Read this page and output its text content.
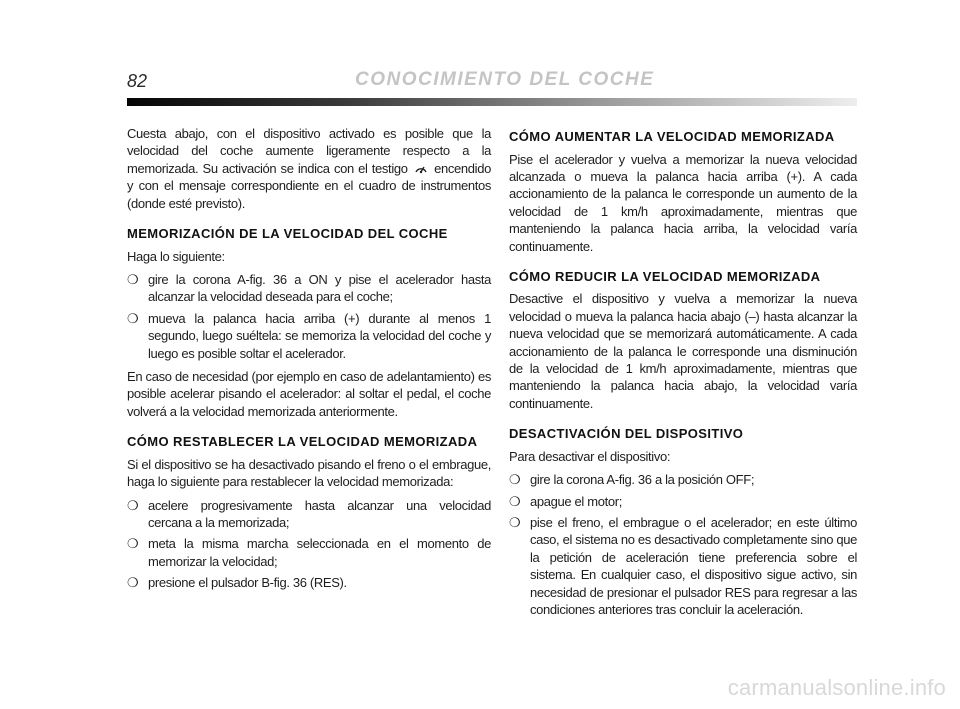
82	CONOCIMIENTO DEL COCHE

Cuesta abajo, con el dispositivo activado es posible que la velocidad del coche aumente ligeramente respecto a la memorizada. Su activación se indica con el testigo encendido y con el mensaje correspondiente en el cuadro de instrumentos (donde esté previsto).

MEMORIZACIÓN DE LA VELOCIDAD DEL COCHE

Haga lo siguiente:

❍ gire la corona A-fig. 36 a ON y pise el acelerador hasta alcanzar la velocidad deseada para el coche;
❍ mueva la palanca hacia arriba (+) durante al menos 1 segundo, luego suéltela: se memoriza la velocidad del coche y luego es posible soltar el acelerador.

En caso de necesidad (por ejemplo en caso de adelantamiento) es posible acelerar pisando el acelerador: al soltar el pedal, el coche volverá a la velocidad memorizada anteriormente.

CÓMO RESTABLECER LA VELOCIDAD MEMORIZADA

Si el dispositivo se ha desactivado pisando el freno o el embrague, haga lo siguiente para restablecer la velocidad memorizada:

❍ acelere progresivamente hasta alcanzar una velocidad cercana a la memorizada;
❍ meta la misma marcha seleccionada en el momento de memorizar la velocidad;
❍ presione el pulsador B-fig. 36 (RES).
CÓMO AUMENTAR LA VELOCIDAD MEMORIZADA

Pise el acelerador y vuelva a memorizar la nueva velocidad alcanzada o mueva la palanca hacia arriba (+). A cada accionamiento de la palanca le corresponde un aumento de la velocidad de 1 km/h aproximadamente, mientras que manteniendo la palanca hacia arriba, la velocidad varía continuamente.

CÓMO REDUCIR LA VELOCIDAD MEMORIZADA

Desactive el dispositivo y vuelva a memorizar la nueva velocidad o mueva la palanca hacia abajo (–) hasta alcanzar la nueva velocidad que se memorizará automáticamente. A cada accionamiento de la palanca le corresponde una disminución de la velocidad de 1 km/h aproximadamente, mientras que manteniendo la palanca hacia abajo, la velocidad varía continuamente.

DESACTIVACIÓN DEL DISPOSITIVO

Para desactivar el dispositivo:

❍ gire la corona A-fig. 36 a la posición OFF;
❍ apague el motor;
❍ pise el freno, el embrague o el acelerador; en este último caso, el sistema no es desactivado completamente sino que la petición de aceleración tiene preferencia sobre el sistema. En cualquier caso, el dispositivo sigue activo, sin necesidad de presionar el pulsador RES para regresar a las condiciones anteriores tras concluir la aceleración.
carmanualsonline.info
